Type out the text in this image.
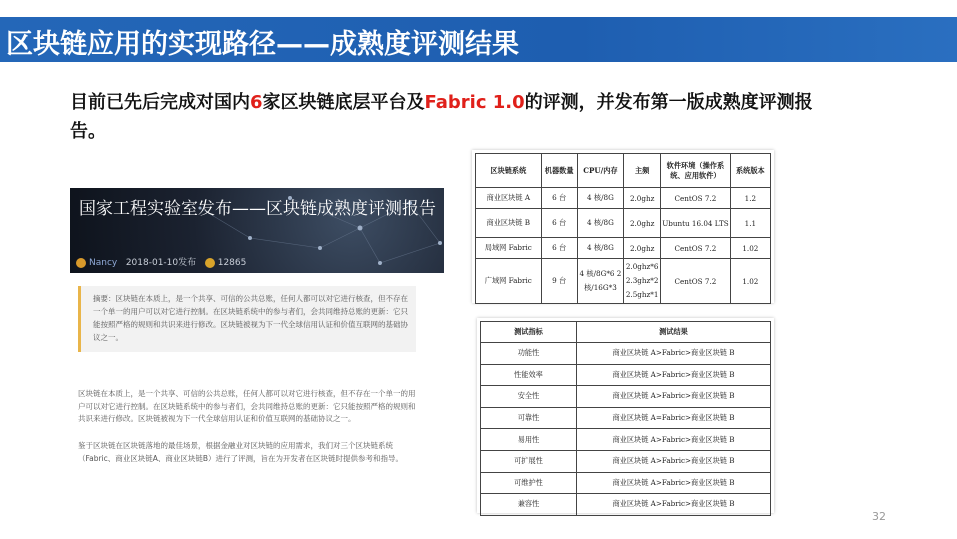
区块链应用的实现路径——成熟度评测结果
目前已先后完成对国内6家区块链底层平台及Fabric 1.0的评测，并发布第一版成熟度评测报告。
国家工程实验室发布——区块链成熟度评测报告
Nancy 2018-01-10发布 12865
摘要：区块链在本质上，是一个共享、可信的公共总账，任何人都可以对它进行核查，但不存在一个单一的用户可以对它进行控制。在区块链系统中的参与者们，会共同维持总账的更新：它只能按照严格的规则和共识来进行修改。区块链被视为下一代全球信用认证和价值互联网的基础协议之一。
区块链在本质上，是一个共享、可信的公共总账，任何人都可以对它进行核查，但不存在一个单一的用户可以对它进行控制。在区块链系统中的参与者们，会共同维持总账的更新：它只能按照严格的规则和共识来进行修改。区块链被视为下一代全球信用认证和价值互联网的基础协议之一。
鉴于区块链在区块链落地的最佳场景，根据金融业对区块链的应用需求，我们对三个区块链系统（Fabric、商业区块链A、商业区块链B）进行了评测，旨在为开发者在区块链时提供参考和指导。
区块链系统	机器数量	CPU/内存	主频	软件环境（操作系统、应用软件）	系统版本
商业区块链 A	6 台	4 核/8G	2.0ghz	CentOS 7.2	1.2
商业区块链 B	6 台	4 核/8G	2.0ghz	Ubuntu 16.04 LTS	1.1
局域网 Fabric	6 台	4 核/8G	2.0ghz	CentOS 7.2	1.02
广域网 Fabric	9 台	4 核/8G*6 2 核/16G*3	2.0ghz*6 2.3ghz*2 2.5ghz*1	CentOS 7.2	1.02
测试指标	测试结果
功能性	商业区块链 A>Fabric>商业区块链 B
性能效率	商业区块链 A>Fabric>商业区块链 B
安全性	商业区块链 A>Fabric>商业区块链 B
可靠性	商业区块链 A=Fabric>商业区块链 B
易用性	商业区块链 A>Fabric>商业区块链 B
可扩展性	商业区块链 A>Fabric>商业区块链 B
可维护性	商业区块链 A>Fabric>商业区块链 B
兼容性	商业区块链 A>Fabric>商业区块链 B
32
